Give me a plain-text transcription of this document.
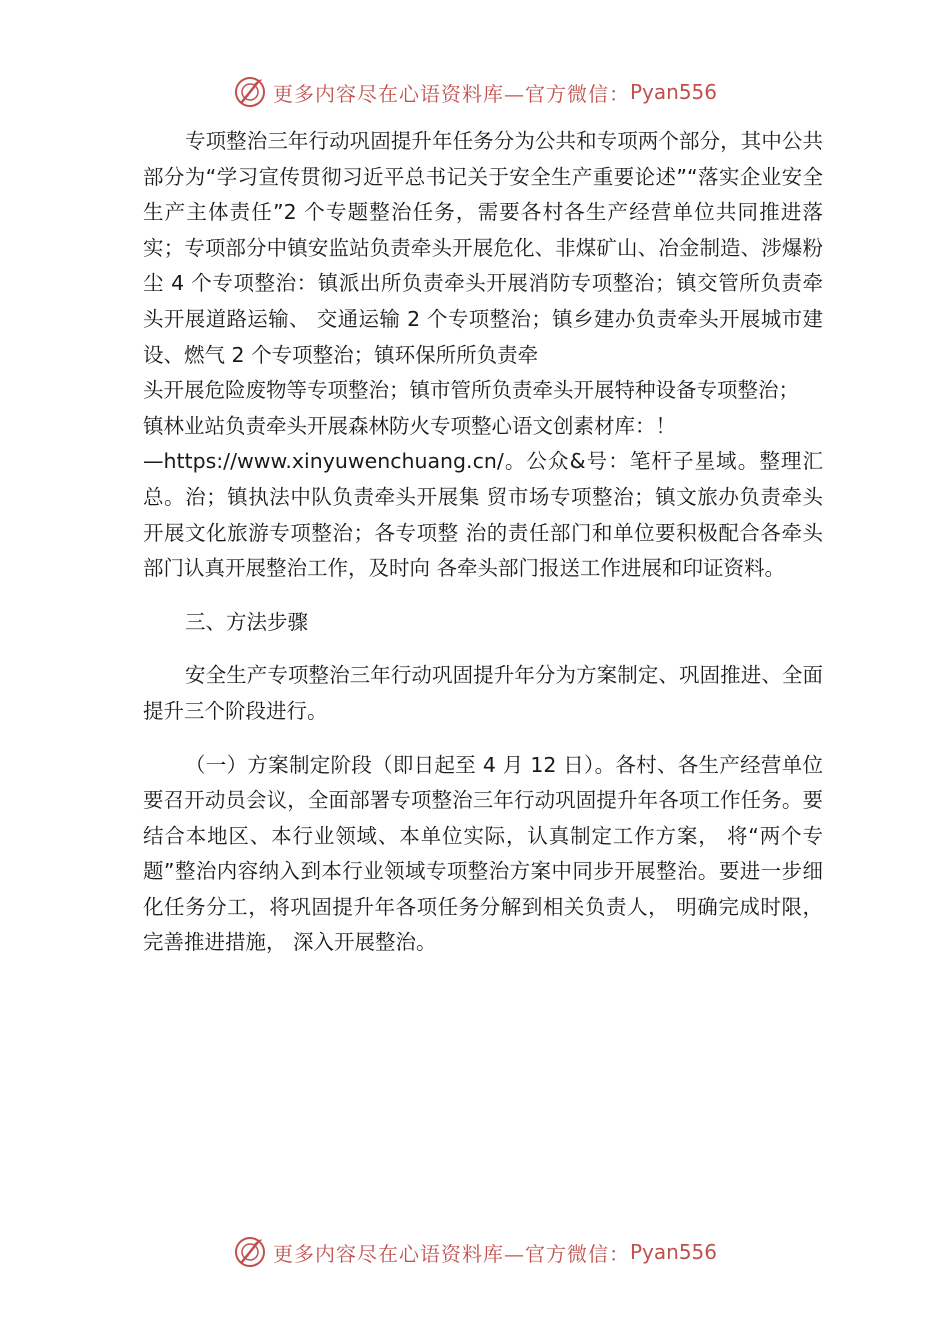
更多内容尽在心语资料库—官方微信： Pyan556

专项整治三年行动巩固提升年任务分为公共和专项两个部分，其中公共部分为“学习宣传贯彻习近平总书记关于安全生产重要论述”“落实企业安全生产主体责任”2 个专题整治任务，需要各村各生产经营单位共同推进落实；专项部分中镇安监站负责牵头开展危化、非煤矿山、冶金制造、涉爆粉尘 4 个专项整治：镇派出所负责牵头开展消防专项整治；镇交管所负责牵头开展道路运输、 交通运输 2 个专项整治；镇乡建办负责牵头开展城市建设、燃气 2 个专项整治；镇环保所所负责牵

头开展危险废物等专项整治；镇市管所负责牵头开展特种设备专项整治；

镇林业站负责牵头开展森林防火专项整心语文创素材库：！

—https://www.xinyuwenchuang.cn/。公众&号：笔杆子星域。整理汇总。治；镇执法中队负责牵头开展集 贸市场专项整治；镇文旅办负责牵头开展文化旅游专项整治；各专项整 治的责任部门和单位要积极配合各牵头部门认真开展整治工作，及时向 各牵头部门报送工作进展和印证资料。

三、方法步骤

安全生产专项整治三年行动巩固提升年分为方案制定、巩固推进、全面提升三个阶段进行。

（一）方案制定阶段（即日起至 4 月 12 日）。各村、各生产经营单位要召开动员会议，全面部署专项整治三年行动巩固提升年各项工作任务。要结合本地区、本行业领域、本单位实际，认真制定工作方案， 将“两个专题”整治内容纳入到本行业领域专项整治方案中同步开展整治。要进一步细化任务分工，将巩固提升年各项任务分解到相关负责人， 明确完成时限，完善推进措施， 深入开展整治。

更多内容尽在心语资料库—官方微信： Pyan556
